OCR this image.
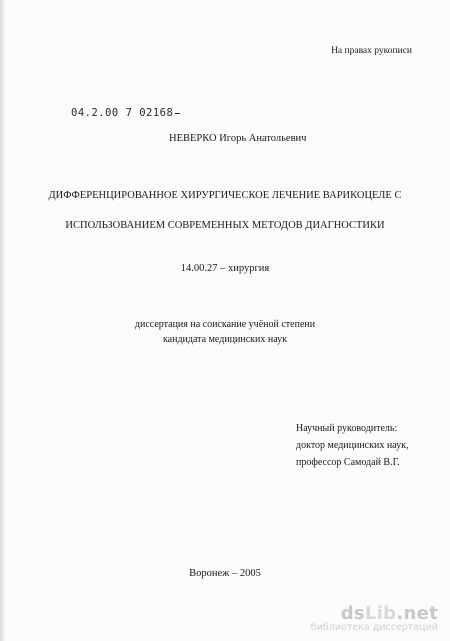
На правах рукописи
04.2.00 7 02168
НЕВЕРКО Игорь Анатольевич
ДИФФЕРЕНЦИРОВАННОЕ ХИРУРГИЧЕСКОЕ ЛЕЧЕНИЕ ВАРИКОЦЕЛЕ С
ИСПОЛЬЗОВАНИЕМ СОВРЕМЕННЫХ МЕТОДОВ ДИАГНОСТИКИ
14.00.27 – хирургия
диссертация на соискание учёной степени
кандидата медицинских наук
Научный руководитель:
доктор медицинских наук,
профессор Самодай В.Г.
Воронеж – 2005
dsLib.net
библиотека диссертаций
